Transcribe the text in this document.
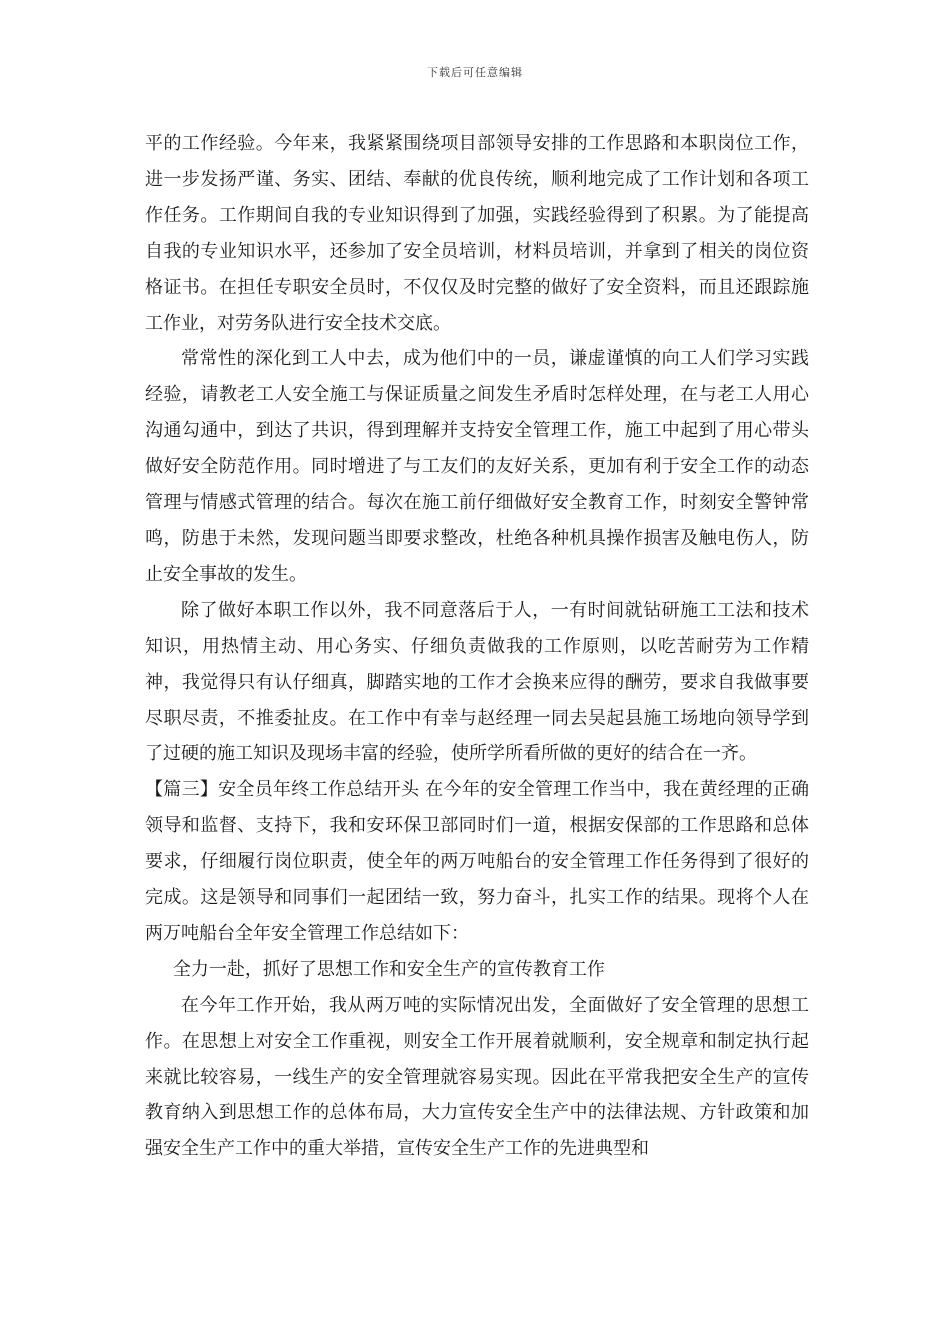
下载后可任意编辑

平的工作经验。今年来，我紧紧围绕项目部领导安排的工作思路和本职岗位工作，进一步发扬严谨、务实、团结、奉献的优良传统，顺利地完成了工作计划和各项工作任务。工作期间自我的专业知识得到了加强，实践经验得到了积累。为了能提高自我的专业知识水平，还参加了安全员培训，材料员培训，并拿到了相关的岗位资格证书。在担任专职安全员时，不仅仅及时完整的做好了安全资料，而且还跟踪施工作业，对劳务队进行安全技术交底。

常常性的深化到工人中去，成为他们中的一员，谦虚谨慎的向工人们学习实践经验，请教老工人安全施工与保证质量之间发生矛盾时怎样处理，在与老工人用心沟通勾通中，到达了共识，得到理解并支持安全管理工作，施工中起到了用心带头做好安全防范作用。同时增进了与工友们的友好关系，更加有利于安全工作的动态管理与情感式管理的结合。每次在施工前仔细做好安全教育工作，时刻安全警钟常鸣，防患于未然，发现问题当即要求整改，杜绝各种机具操作损害及触电伤人，防止安全事故的发生。

除了做好本职工作以外，我不同意落后于人，一有时间就钻研施工工法和技术知识，用热情主动、用心务实、仔细负责做我的工作原则，以吃苦耐劳为工作精神，我觉得只有认仔细真，脚踏实地的工作才会换来应得的酬劳，要求自我做事要尽职尽责，不推委扯皮。在工作中有幸与赵经理一同去吴起县施工场地向领导学到了过硬的施工知识及现场丰富的经验，使所学所看所做的更好的结合在一齐。

【篇三】安全员年终工作总结开头 在今年的安全管理工作当中，我在黄经理的正确领导和监督、支持下，我和安环保卫部同时们一道，根据安保部的工作思路和总体要求，仔细履行岗位职责，使全年的两万吨船台的安全管理工作任务得到了很好的完成。这是领导和同事们一起团结一致，努力奋斗，扎实工作的结果。现将个人在两万吨船台全年安全管理工作总结如下：

全力一赴，抓好了思想工作和安全生产的宣传教育工作

在今年工作开始，我从两万吨的实际情况出发，全面做好了安全管理的思想工作。在思想上对安全工作重视，则安全工作开展着就顺利，安全规章和制定执行起来就比较容易，一线生产的安全管理就容易实现。因此在平常我把安全生产的宣传教育纳入到思想工作的总体布局，大力宣传安全生产中的法律法规、方针政策和加强安全生产工作中的重大举措，宣传安全生产工作的先进典型和
